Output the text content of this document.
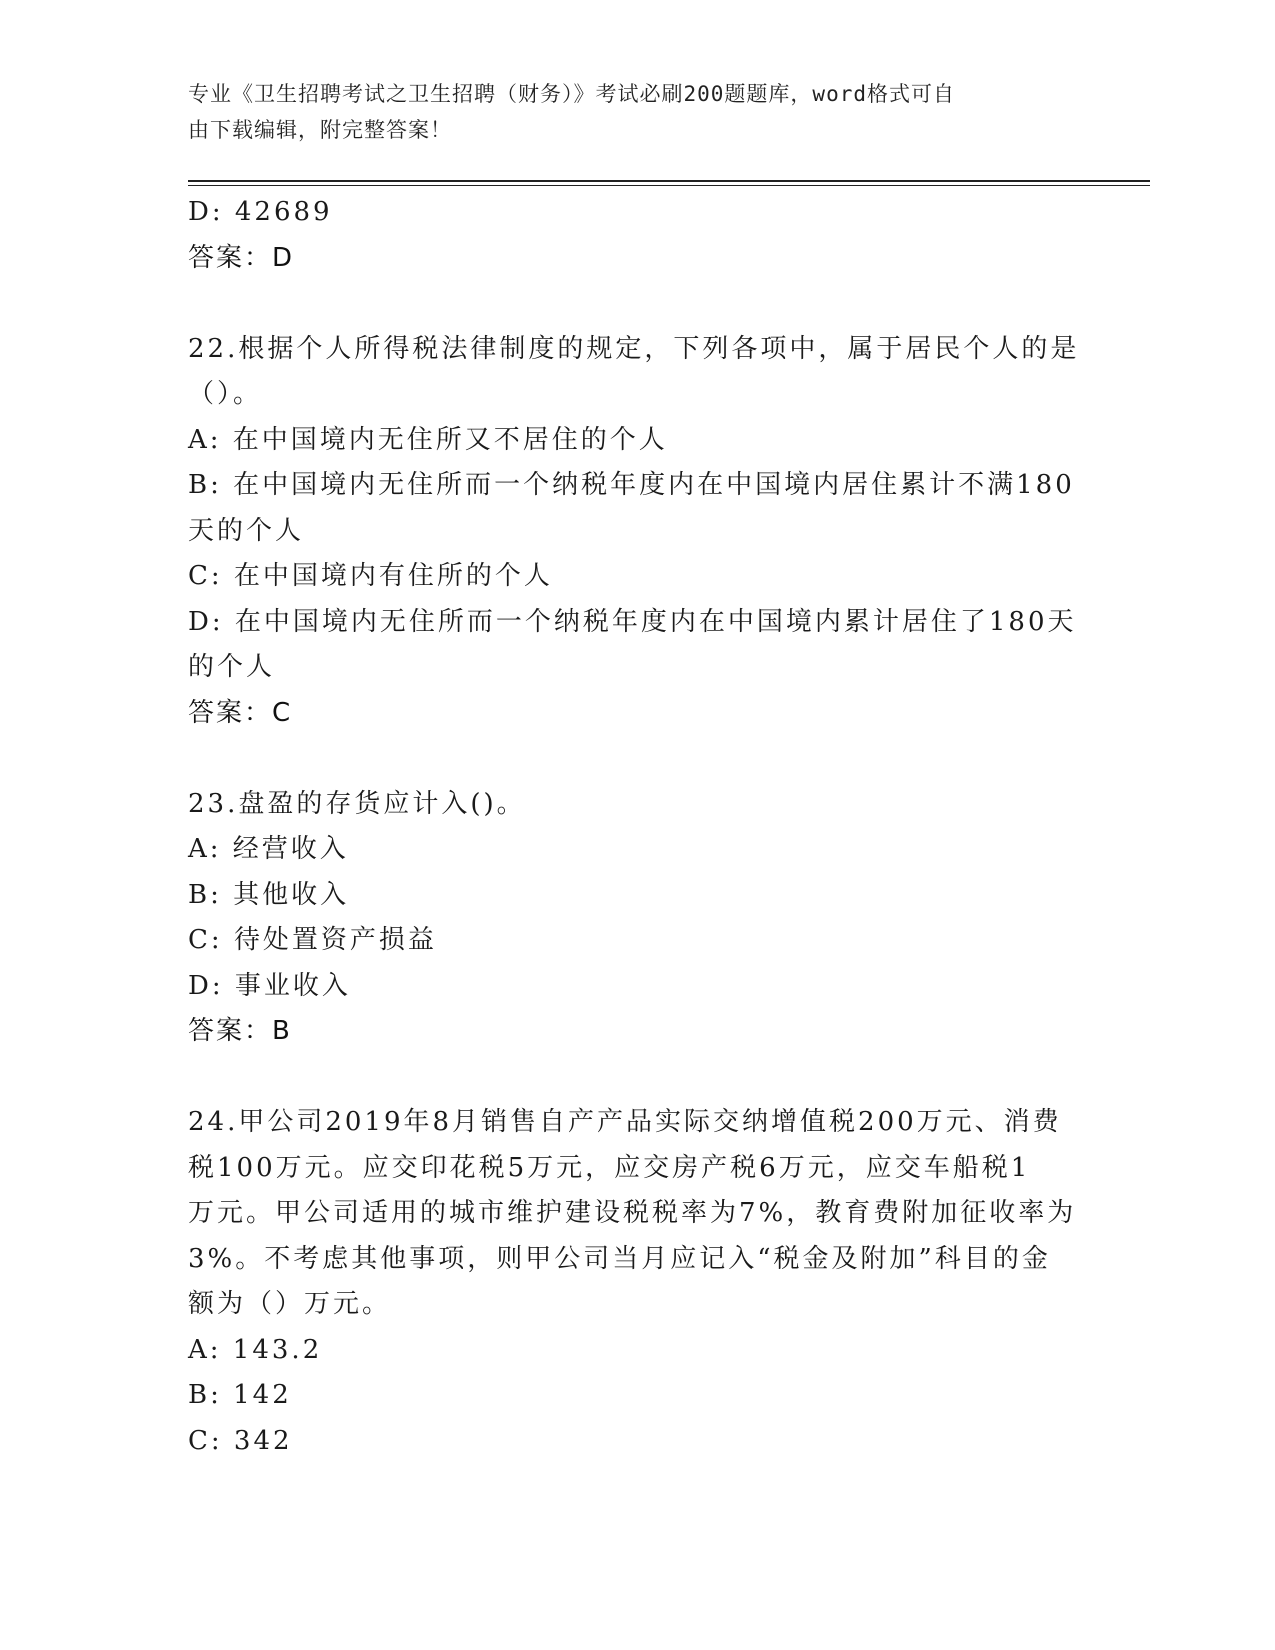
专业《卫生招聘考试之卫生招聘（财务）》考试必刷200题题库，word格式可自
由下载编辑，附完整答案！
D: 42689
答案：D
22.根据个人所得税法律制度的规定，下列各项中，属于居民个人的是
（）。
A: 在中国境内无住所又不居住的个人
B: 在中国境内无住所而一个纳税年度内在中国境内居住累计不满180
天的个人
C: 在中国境内有住所的个人
D: 在中国境内无住所而一个纳税年度内在中国境内累计居住了180天
的个人
答案：C
23.盘盈的存货应计入()。
A: 经营收入
B: 其他收入
C: 待处置资产损益
D: 事业收入
答案：B
24.甲公司2019年8月销售自产产品实际交纳增值税200万元、消费
税100万元。应交印花税5万元，应交房产税6万元，应交车船税1
万元。甲公司适用的城市维护建设税税率为7%，教育费附加征收率为
3%。不考虑其他事项，则甲公司当月应记入“税金及附加”科目的金
额为（）万元。
A: 143.2
B: 142
C: 342
